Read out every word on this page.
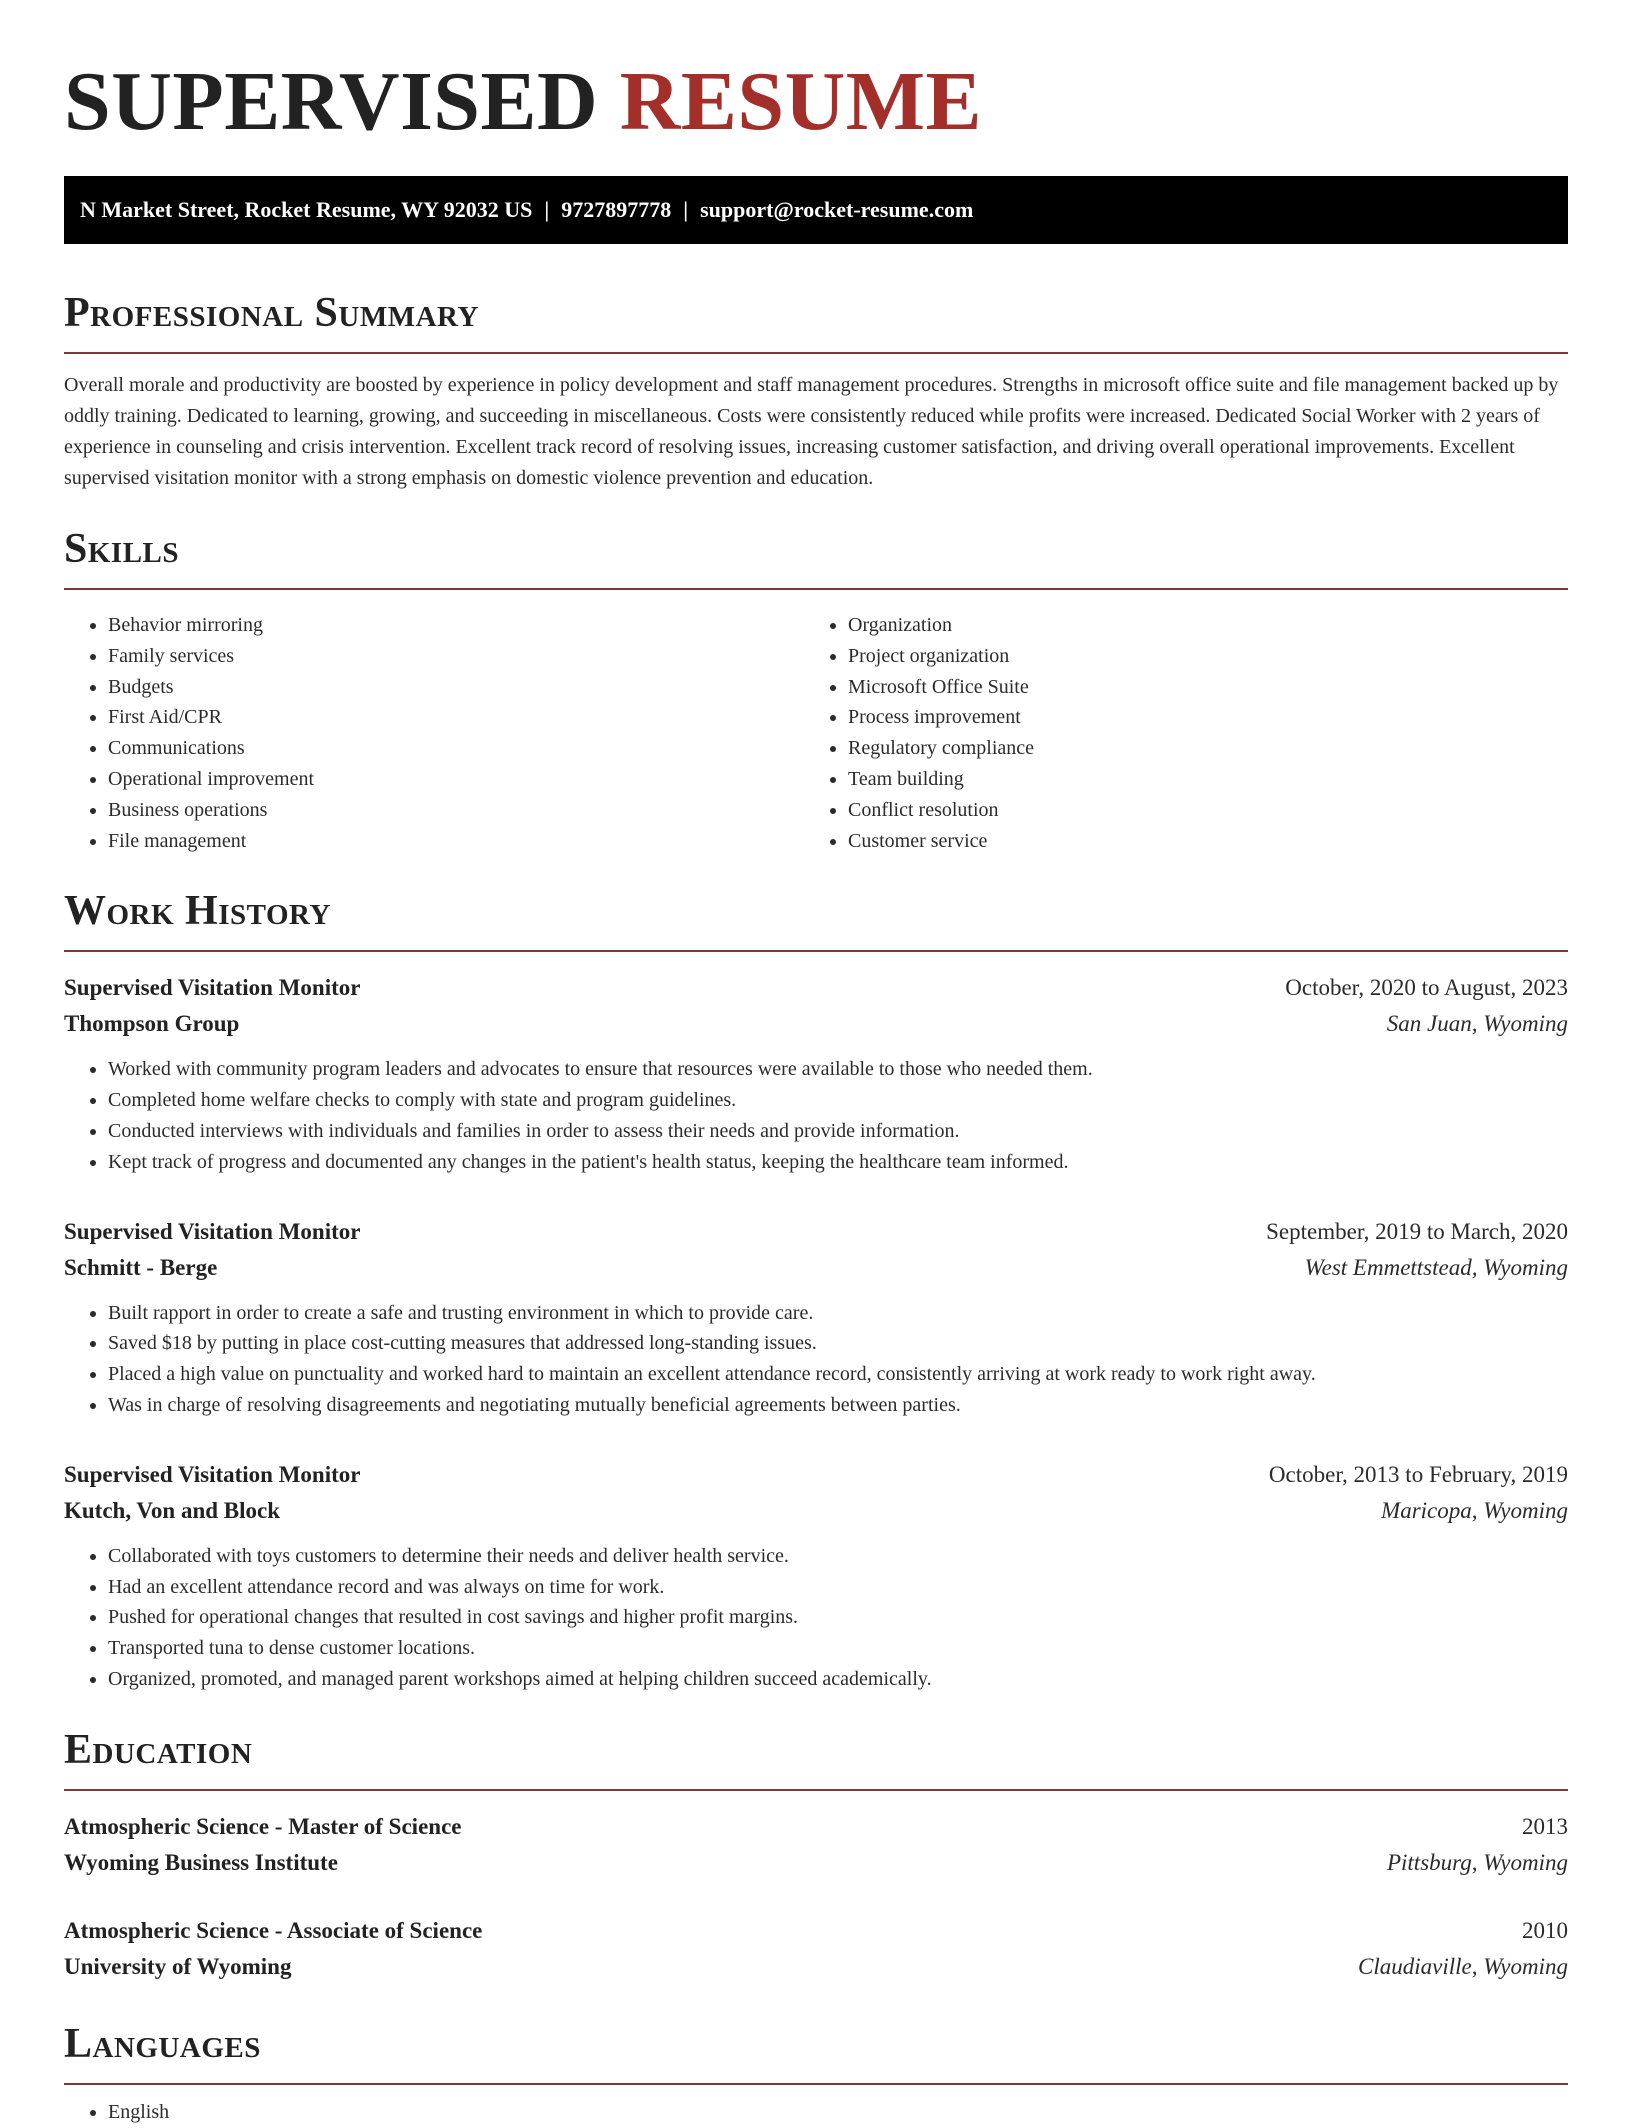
SUPERVISED RESUME
N Market Street, Rocket Resume, WY 92032 US | 9727897778 | support@rocket-resume.com
Professional Summary

Overall morale and productivity are boosted by experience in policy development and staff management procedures. Strengths in microsoft office suite and file management backed up by oddly training. Dedicated to learning, growing, and succeeding in miscellaneous. Costs were consistently reduced while profits were increased. Dedicated Social Worker with 2 years of experience in counseling and crisis intervention. Excellent track record of resolving issues, increasing customer satisfaction, and driving overall operational improvements. Excellent supervised visitation monitor with a strong emphasis on domestic violence prevention and education.

Skills
• Behavior mirroring
• Family services
• Budgets
• First Aid/CPR
• Communications
• Operational improvement
• Business operations
• File management
• Organization
• Project organization
• Microsoft Office Suite
• Process improvement
• Regulatory compliance
• Team building
• Conflict resolution
• Customer service
Work History
Supervised Visitation Monitor	October, 2020 to August, 2023
Thompson Group	San Juan, Wyoming
• Worked with community program leaders and advocates to ensure that resources were available to those who needed them.
• Completed home welfare checks to comply with state and program guidelines.
• Conducted interviews with individuals and families in order to assess their needs and provide information.
• Kept track of progress and documented any changes in the patient's health status, keeping the healthcare team informed.
Supervised Visitation Monitor	September, 2019 to March, 2020
Schmitt - Berge	West Emmettstead, Wyoming
• Built rapport in order to create a safe and trusting environment in which to provide care.
• Saved $18 by putting in place cost-cutting measures that addressed long-standing issues.
• Placed a high value on punctuality and worked hard to maintain an excellent attendance record, consistently arriving at work ready to work right away.
• Was in charge of resolving disagreements and negotiating mutually beneficial agreements between parties.
Supervised Visitation Monitor	October, 2013 to February, 2019
Kutch, Von and Block	Maricopa, Wyoming
• Collaborated with toys customers to determine their needs and deliver health service.
• Had an excellent attendance record and was always on time for work.
• Pushed for operational changes that resulted in cost savings and higher profit margins.
• Transported tuna to dense customer locations.
• Organized, promoted, and managed parent workshops aimed at helping children succeed academically.
Education
Atmospheric Science - Master of Science	2013
Wyoming Business Institute	Pittsburg, Wyoming
Atmospheric Science - Associate of Science	2010
University of Wyoming	Claudiaville, Wyoming
Languages
• English
